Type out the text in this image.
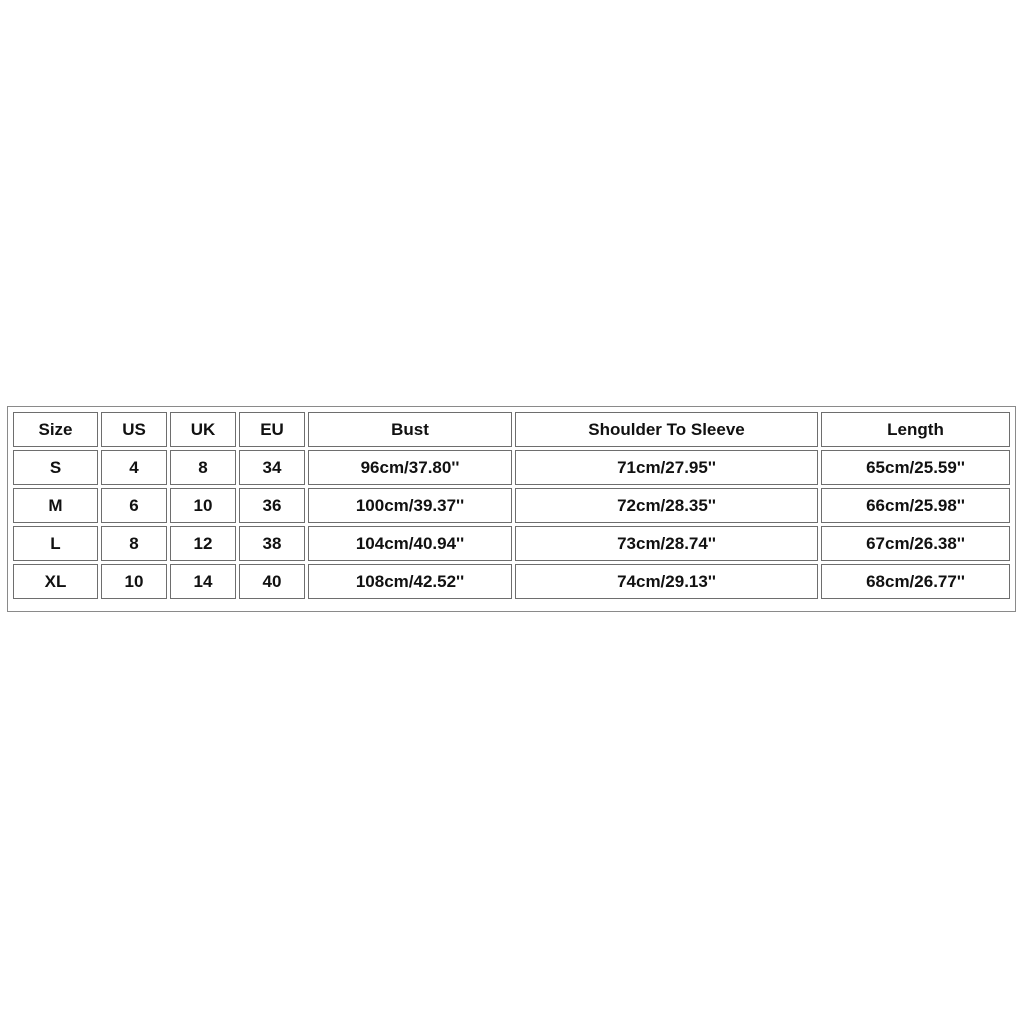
Size	US	UK	EU	Bust	Shoulder To Sleeve	Length
S	4	8	34	96cm/37.80''	71cm/27.95''	65cm/25.59''
M	6	10	36	100cm/39.37''	72cm/28.35''	66cm/25.98''
L	8	12	38	104cm/40.94''	73cm/28.74''	67cm/26.38''
XL	10	14	40	108cm/42.52''	74cm/29.13''	68cm/26.77''
